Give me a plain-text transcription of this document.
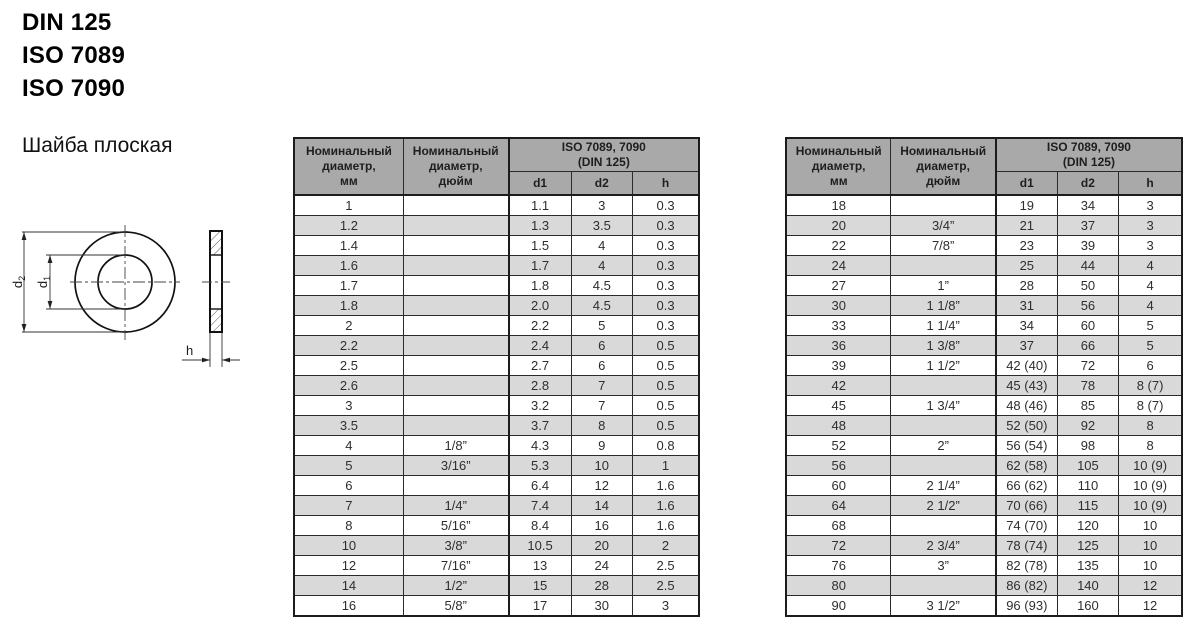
DIN 125
ISO 7089
ISO 7090
Шайба плоская
$d_2$
$d_1$
h
Номинальный
диаметр,
мм	Номинальный
диаметр,
дюйм	ISO 7089, 7090
(DIN 125)		

		d1	d2	h
1		1.1	3	0.3
1.2		1.3	3.5	0.3
1.4		1.5	4	0.3
1.6		1.7	4	0.3
1.7		1.8	4.5	0.3
1.8		2.0	4.5	0.3
2		2.2	5	0.3
2.2		2.4	6	0.5
2.5		2.7	6	0.5
2.6		2.8	7	0.5
3		3.2	7	0.5
3.5		3.7	8	0.5
4	1/8”	4.3	9	0.8
5	3/16”	5.3	10	1
6		6.4	12	1.6
7	1/4”	7.4	14	1.6
8	5/16”	8.4	16	1.6
10	3/8”	10.5	20	2
12	7/16”	13	24	2.5
14	1/2”	15	28	2.5
16	5/8”	17	30	3
Номинальный
диаметр,
мм	Номинальный
диаметр,
дюйм	ISO 7089, 7090
(DIN 125)		

		d1	d2	h
18		19	34	3
20	3/4”	21	37	3
22	7/8”	23	39	3
24		25	44	4
27	1”	28	50	4
30	1 1/8”	31	56	4
33	1 1/4”	34	60	5
36	1 3/8”	37	66	5
39	1 1/2”	42 (40)	72	6
42		45 (43)	78	8 (7)
45	1 3/4”	48 (46)	85	8 (7)
48		52 (50)	92	8
52	2”	56 (54)	98	8
56		62 (58)	105	10 (9)
60	2 1/4”	66 (62)	110	10 (9)
64	2 1/2”	70 (66)	115	10 (9)
68		74 (70)	120	10
72	2 3/4”	78 (74)	125	10
76	3”	82 (78)	135	10
80		86 (82)	140	12
90	3 1/2”	96 (93)	160	12
